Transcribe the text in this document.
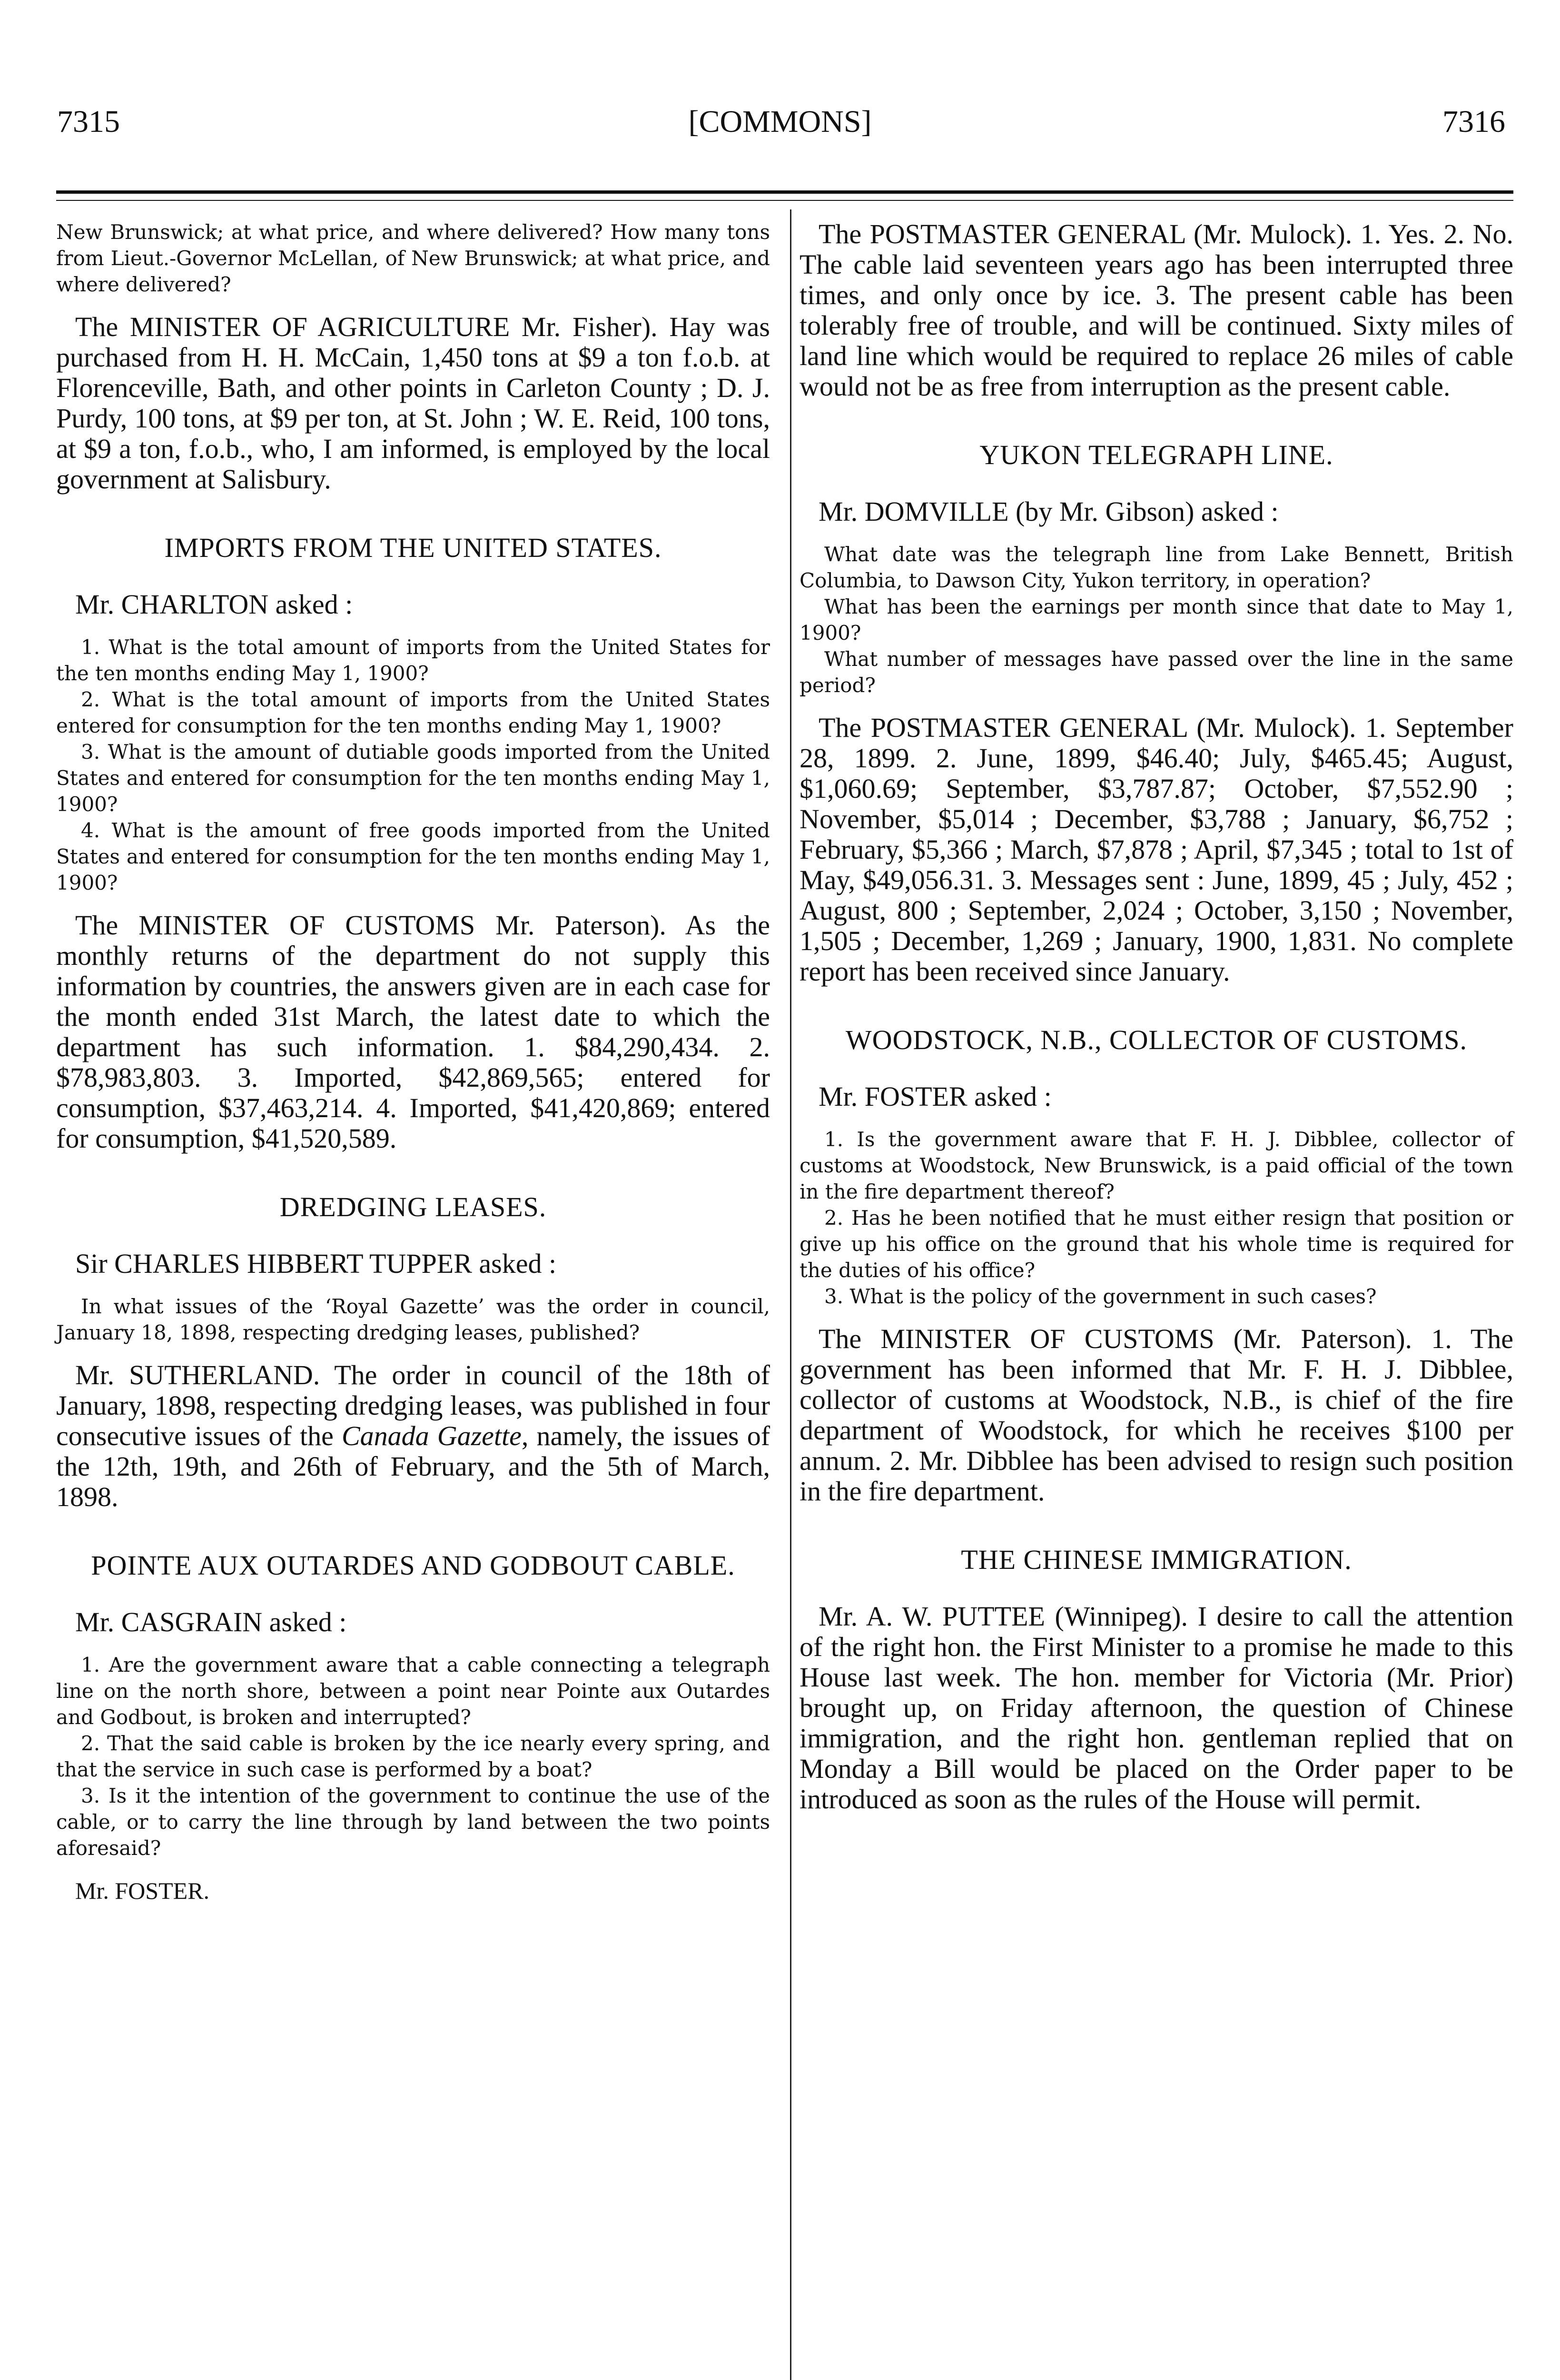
7315	[COMMONS]	7316

New Brunswick; at what price, and where delivered? How many tons from Lieut.-Governor McLellan, of New Brunswick; at what price, and where delivered?

The MINISTER OF AGRICULTURE Mr. Fisher). Hay was purchased from H. H. McCain, 1,450 tons at $9 a ton f.o.b. at Florenceville, Bath, and other points in Carleton County ; D. J. Purdy, 100 tons, at $9 per ton, at St. John ; W. E. Reid, 100 tons, at $9 a ton, f.o.b., who, I am informed, is employed by the local government at Salisbury.

IMPORTS FROM THE UNITED STATES.

Mr. CHARLTON asked :

1. What is the total amount of imports from the United States for the ten months ending May 1, 1900?

2. What is the total amount of imports from the United States entered for consumption for the ten months ending May 1, 1900?

3. What is the amount of dutiable goods imported from the United States and entered for consumption for the ten months ending May 1, 1900?

4. What is the amount of free goods imported from the United States and entered for consumption for the ten months ending May 1, 1900?

The MINISTER OF CUSTOMS Mr. Paterson). As the monthly returns of the department do not supply this information by countries, the answers given are in each case for the month ended 31st March, the latest date to which the department has such information. 1. $84,290,434. 2. $78,983,803. 3. Imported, $42,869,565; entered for consumption, $37,463,214. 4. Imported, $41,420,869; entered for consumption, $41,520,589.

DREDGING LEASES.

Sir CHARLES HIBBERT TUPPER asked :

In what issues of the ‘Royal Gazette’ was the order in council, January 18, 1898, respecting dredging leases, published?

Mr. SUTHERLAND. The order in council of the 18th of January, 1898, respecting dredging leases, was published in four consecutive issues of the Canada Gazette, namely, the issues of the 12th, 19th, and 26th of February, and the 5th of March, 1898.

POINTE AUX OUTARDES AND GODBOUT CABLE.

Mr. CASGRAIN asked :

1. Are the government aware that a cable connecting a telegraph line on the north shore, between a point near Pointe aux Outardes and Godbout, is broken and interrupted?

2. That the said cable is broken by the ice nearly every spring, and that the service in such case is performed by a boat?

3. Is it the intention of the government to continue the use of the cable, or to carry the line through by land between the two points aforesaid?

Mr. FOSTER.

The POSTMASTER GENERAL (Mr. Mulock). 1. Yes. 2. No. The cable laid seventeen years ago has been interrupted three times, and only once by ice. 3. The present cable has been tolerably free of trouble, and will be continued. Sixty miles of land line which would be required to replace 26 miles of cable would not be as free from interruption as the present cable.

YUKON TELEGRAPH LINE.

Mr. DOMVILLE (by Mr. Gibson) asked :

What date was the telegraph line from Lake Bennett, British Columbia, to Dawson City, Yukon territory, in operation?

What has been the earnings per month since that date to May 1, 1900?

What number of messages have passed over the line in the same period?

The POSTMASTER GENERAL (Mr. Mulock). 1. September 28, 1899. 2. June, 1899, $46.40; July, $465.45; August, $1,060.69; September, $3,787.87; October, $7,552.90 ; November, $5,014 ; December, $3,788 ; January, $6,752 ; February, $5,366 ; March, $7,878 ; April, $7,345 ; total to 1st of May, $49,056.31. 3. Messages sent : June, 1899, 45 ; July, 452 ; August, 800 ; September, 2,024 ; October, 3,150 ; November, 1,505 ; December, 1,269 ; January, 1900, 1,831. No complete report has been received since January.

WOODSTOCK, N.B., COLLECTOR OF CUSTOMS.

Mr. FOSTER asked :

1. Is the government aware that F. H. J. Dibblee, collector of customs at Woodstock, New Brunswick, is a paid official of the town in the fire department thereof?

2. Has he been notified that he must either resign that position or give up his office on the ground that his whole time is required for the duties of his office?

3. What is the policy of the government in such cases?

The MINISTER OF CUSTOMS (Mr. Paterson). 1. The government has been informed that Mr. F. H. J. Dibblee, collector of customs at Woodstock, N.B., is chief of the fire department of Woodstock, for which he receives $100 per annum. 2. Mr. Dibblee has been advised to resign such position in the fire department.

THE CHINESE IMMIGRATION.

Mr. A. W. PUTTEE (Winnipeg). I desire to call the attention of the right hon. the First Minister to a promise he made to this House last week. The hon. member for Victoria (Mr. Prior) brought up, on Friday afternoon, the question of Chinese immigration, and the right hon. gentleman replied that on Monday a Bill would be placed on the Order paper to be introduced as soon as the rules of the House will permit.
